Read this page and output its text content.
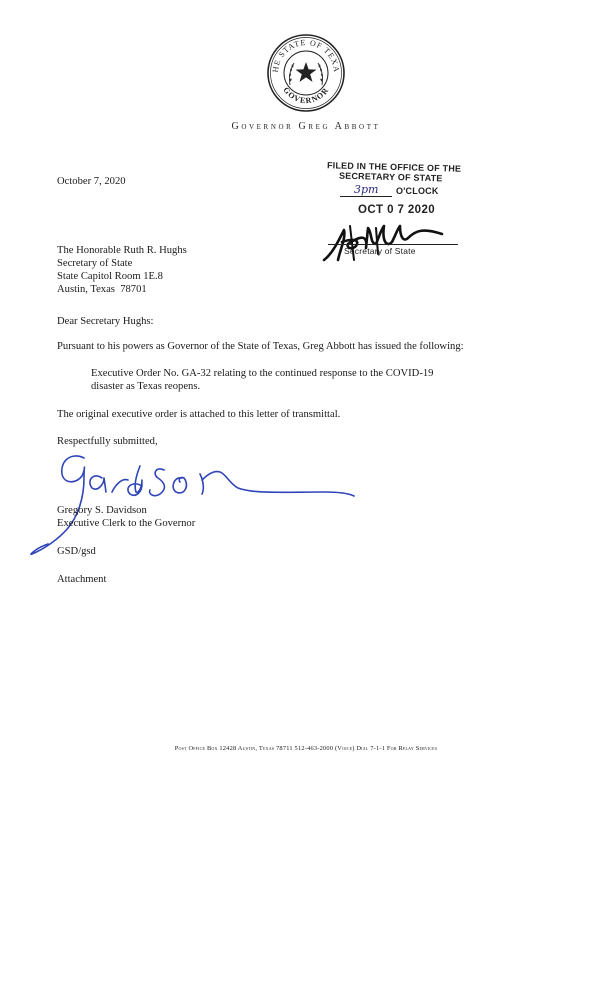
HE STATE OF TEXA
GOVERNOR
Governor Greg Abbott
FILED IN THE OFFICE OF THE
SECRETARY OF STATE
3pm O'CLOCK
OCT 0 7 2020
Secretary of State
October 7, 2020
The Honorable Ruth R. Hughs
Secretary of State
State Capitol Room 1E.8
Austin, Texas  78701
Dear Secretary Hughs:
Pursuant to his powers as Governor of the State of Texas, Greg Abbott has issued the following:
Executive Order No. GA-32 relating to the continued response to the COVID-19
disaster as Texas reopens.
The original executive order is attached to this letter of transmittal.
Respectfully submitted,
Gregory S. Davidson
Executive Clerk to the Governor
GSD/gsd
Attachment
Post Office Box 12428 Austin, Texas 78711 512-463-2000 (Voice) Dial 7-1-1 For Relay Services
